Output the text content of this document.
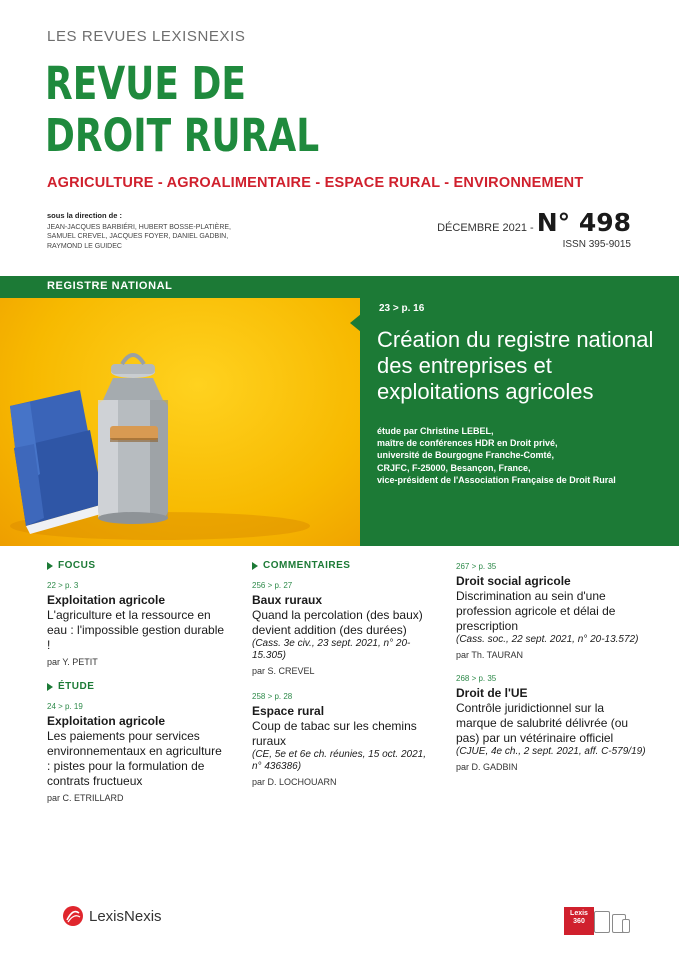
LES REVUES LEXISNEXIS
REVUE DE
DROIT RURAL
AGRICULTURE - AGROALIMENTAIRE - ESPACE RURAL - ENVIRONNEMENT
sous la direction de :
JEAN-JACQUES BARBIÉRI, HUBERT BOSSE-PLATIÈRE,
SAMUEL CREVEL, JACQUES FOYER, DANIEL GADBIN,
RAYMOND LE GUIDEC
DÉCEMBRE 2021 - N° 498
ISSN 395-9015
REGISTRE NATIONAL
23 > p. 16
Création du registre national des entreprises et exploitations agricoles
étude par Christine LEBEL,
maître de conférences HDR en Droit privé,
université de Bourgogne Franche-Comté,
CRJFC, F-25000, Besançon, France,
vice-président de l'Association Française de Droit Rural
FOCUS
22 > p. 3
Exploitation agricole
L'agriculture et la ressource en eau : l'impossible gestion durable !
par Y. PETIT
ÉTUDE
24 > p. 19
Exploitation agricole
Les paiements pour services environnementaux en agriculture : pistes pour la formulation de contrats fructueux
par C. ETRILLARD
COMMENTAIRES
256 > p. 27
Baux ruraux
Quand la percolation (des baux) devient addition (des durées)
(Cass. 3e civ., 23 sept. 2021, n° 20-15.305)
par S. CREVEL
258 > p. 28
Espace rural
Coup de tabac sur les chemins ruraux
(CE, 5e et 6e ch. réunies, 15 oct. 2021, n° 436386)
par D. LOCHOUARN
267 > p. 35
Droit social agricole
Discrimination au sein d'une profession agricole et délai de prescription
(Cass. soc., 22 sept. 2021, n° 20-13.572)
par Th. TAURAN
268 > p. 35
Droit de l'UE
Contrôle juridictionnel sur la marque de salubrité délivrée (ou pas) par un vétérinaire officiel
(CJUE, 4e ch., 2 sept. 2021, aff. C-579/19)
par D. GADBIN
LexisNexis	Lexis 360
